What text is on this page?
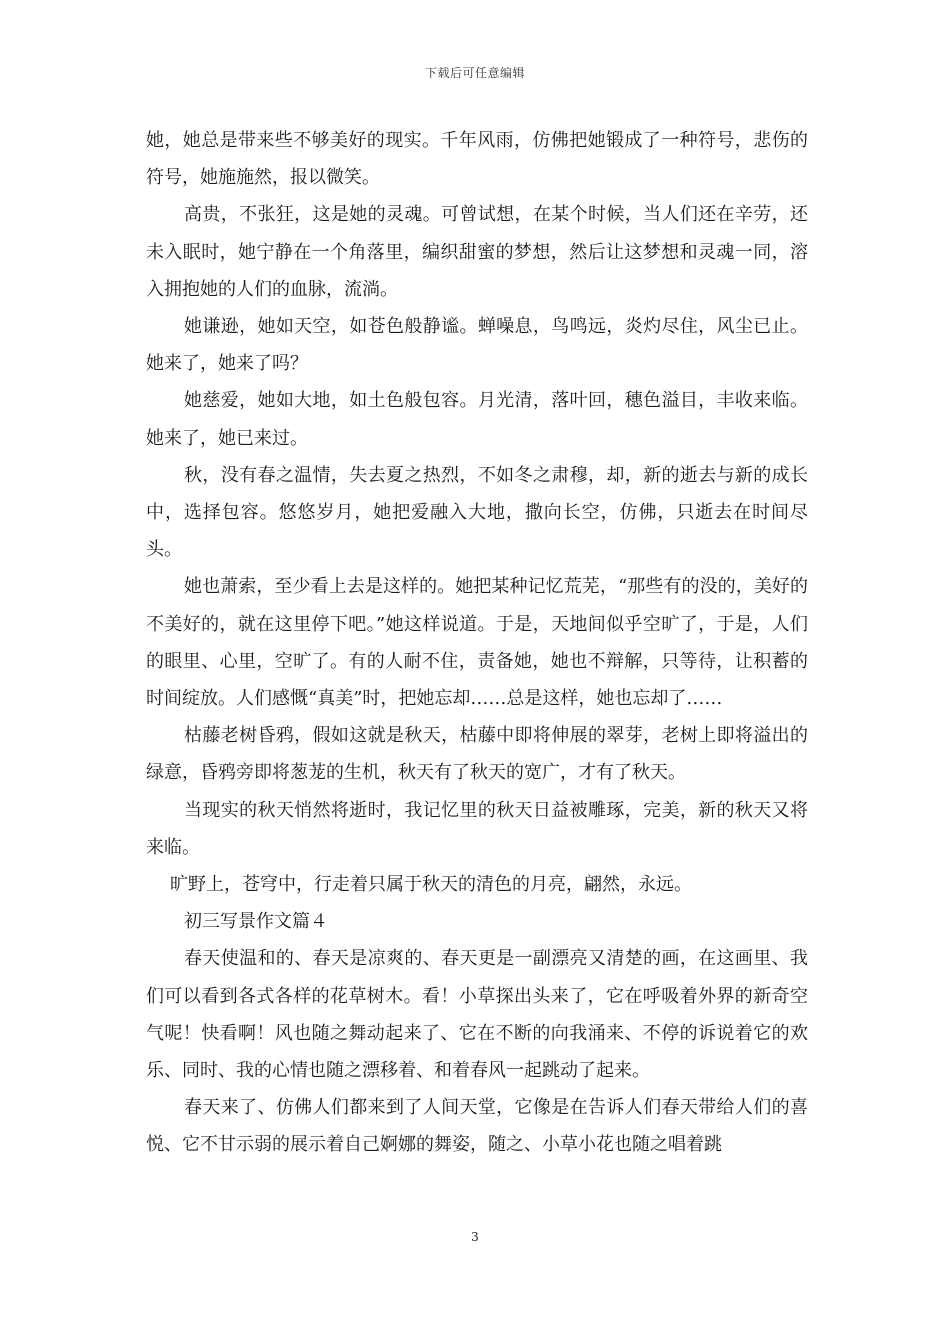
下载后可任意编辑

她，她总是带来些不够美好的现实。千年风雨，仿佛把她锻成了一种符号，悲伤的符号，她施施然，报以微笑。

高贵，不张狂，这是她的灵魂。可曾试想，在某个时候，当人们还在辛劳，还未入眠时，她宁静在一个角落里，编织甜蜜的梦想，然后让这梦想和灵魂一同，溶入拥抱她的人们的血脉，流淌。

她谦逊，她如天空，如苍色般静谧。蝉噪息，鸟鸣远，炎灼尽住，风尘已止。她来了，她来了吗？

她慈爱，她如大地，如土色般包容。月光清，落叶回，穗色溢目，丰收来临。她来了，她已来过。

秋，没有春之温情，失去夏之热烈，不如冬之肃穆，却，新的逝去与新的成长中，选择包容。悠悠岁月，她把爱融入大地，撒向长空，仿佛，只逝去在时间尽头。

她也萧索，至少看上去是这样的。她把某种记忆荒芜，“那些有的没的，美好的不美好的，就在这里停下吧。”她这样说道。于是，天地间似乎空旷了，于是，人们的眼里、心里，空旷了。有的人耐不住，责备她，她也不辩解，只等待，让积蓄的时间绽放。人们感慨“真美”时，把她忘却……总是这样，她也忘却了……

枯藤老树昏鸦，假如这就是秋天，枯藤中即将伸展的翠芽，老树上即将溢出的绿意，昏鸦旁即将葱茏的生机，秋天有了秋天的宽广，才有了秋天。

当现实的秋天悄然将逝时，我记忆里的秋天日益被雕琢，完美，新的秋天又将来临。

旷野上，苍穹中，行走着只属于秋天的清色的月亮，翩然，永远。

初三写景作文篇４

春天使温和的、春天是凉爽的、春天更是一副漂亮又清楚的画，在这画里、我们可以看到各式各样的花草树木。看！小草探出头来了，它在呼吸着外界的新奇空气呢！快看啊！风也随之舞动起来了、它在不断的向我涌来、不停的诉说着它的欢乐、同时、我的心情也随之漂移着、和着春风一起跳动了起来。

春天来了、仿佛人们都来到了人间天堂，它像是在告诉人们春天带给人们的喜悦、它不甘示弱的展示着自己婀娜的舞姿，随之、小草小花也随之唱着跳

3
